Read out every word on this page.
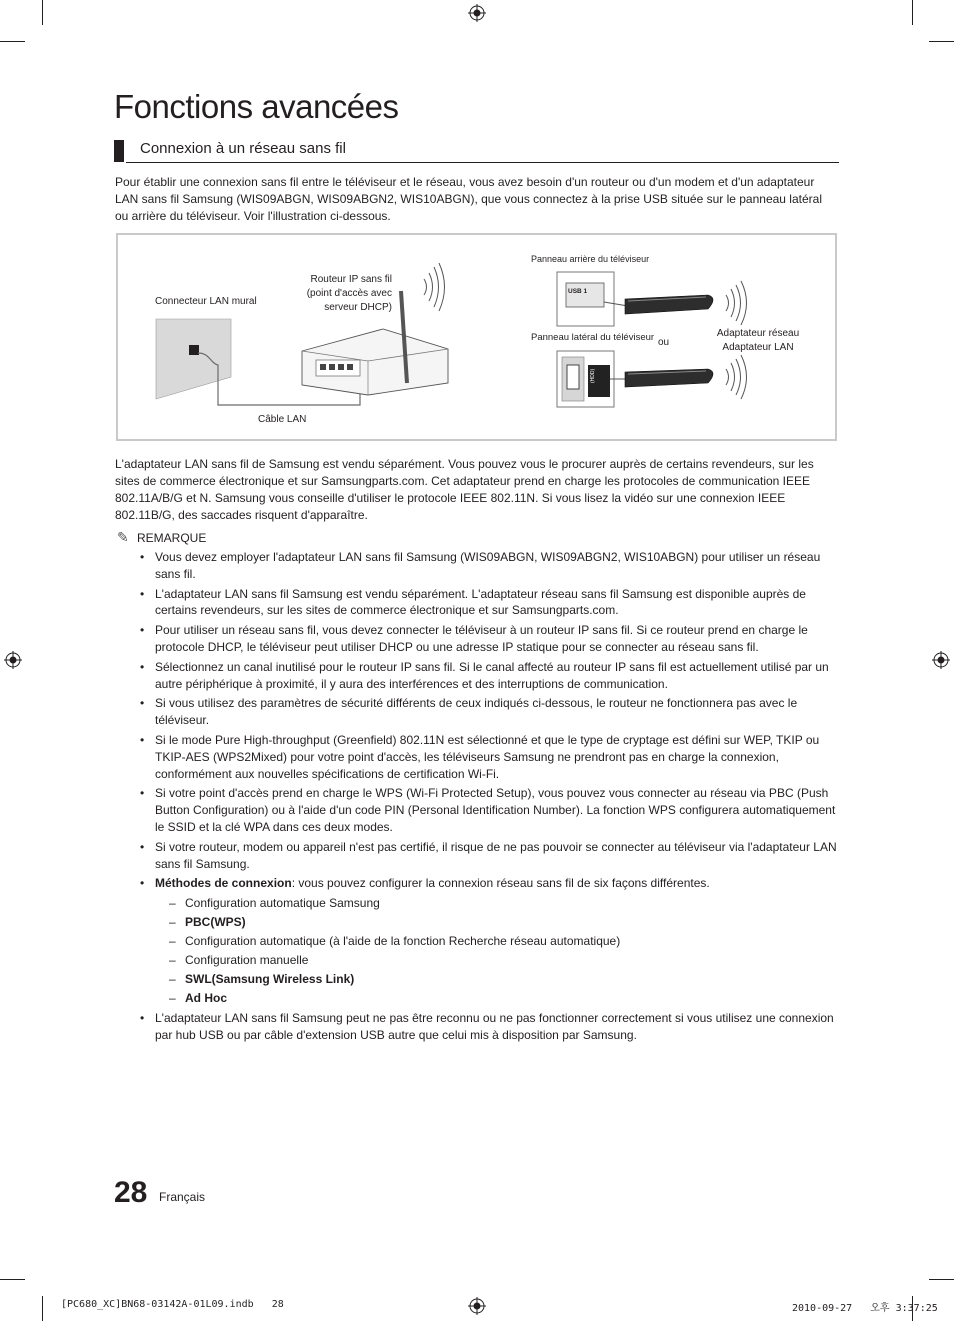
Fonctions avancées
Connexion à un réseau sans fil
Pour établir une connexion sans fil entre le téléviseur et le réseau, vous avez besoin d'un routeur ou d'un modem et d'un adaptateur LAN sans fil Samsung (WIS09ABGN, WIS09ABGN2, WIS10ABGN), que vous connectez à la prise USB située sur le panneau latéral ou arrière du téléviseur. Voir l'illustration ci-dessous.
Connecteur LAN mural
Routeur IP sans fil
(point d'accès avec
serveur DHCP)
Câble LAN
Panneau arrière du téléviseur
Panneau latéral du téléviseur ou
Adaptateur réseau
Adaptateur LAN
USB 1
(HDD)
L'adaptateur LAN sans fil de Samsung est vendu séparément. Vous pouvez vous le procurer auprès de certains revendeurs, sur les sites de commerce électronique et sur Samsungparts.com. Cet adaptateur prend en charge les protocoles de communication IEEE 802.11A/B/G et N. Samsung vous conseille d'utiliser le protocole IEEE 802.11N. Si vous lisez la vidéo sur une connexion IEEE 802.11B/G, des saccades risquent d'apparaître.
✎ REMARQUE
• Vous devez employer l'adaptateur LAN sans fil Samsung (WIS09ABGN, WIS09ABGN2, WIS10ABGN) pour utiliser un réseau sans fil.
• L'adaptateur LAN sans fil Samsung est vendu séparément. L'adaptateur réseau sans fil Samsung est disponible auprès de certains revendeurs, sur les sites de commerce électronique et sur Samsungparts.com.
• Pour utiliser un réseau sans fil, vous devez connecter le téléviseur à un routeur IP sans fil. Si ce routeur prend en charge le protocole DHCP, le téléviseur peut utiliser DHCP ou une adresse IP statique pour se connecter au réseau sans fil.
• Sélectionnez un canal inutilisé pour le routeur IP sans fil. Si le canal affecté au routeur IP sans fil est actuellement utilisé par un autre périphérique à proximité, il y aura des interférences et des interruptions de communication.
• Si vous utilisez des paramètres de sécurité différents de ceux indiqués ci-dessous, le routeur ne fonctionnera pas avec le téléviseur.
• Si le mode Pure High-throughput (Greenfield) 802.11N est sélectionné et que le type de cryptage est défini sur WEP, TKIP ou TKIP-AES (WPS2Mixed) pour votre point d'accès, les téléviseurs Samsung ne prendront pas en charge la connexion, conformément aux nouvelles spécifications de certification Wi-Fi.
• Si votre point d'accès prend en charge le WPS (Wi-Fi Protected Setup), vous pouvez vous connecter au réseau via PBC (Push Button Configuration) ou à l'aide d'un code PIN (Personal Identification Number). La fonction WPS configurera automatiquement le SSID et la clé WPA dans ces deux modes.
• Si votre routeur, modem ou appareil n'est pas certifié, il risque de ne pas pouvoir se connecter au téléviseur via l'adaptateur LAN sans fil Samsung.
• Méthodes de connexion: vous pouvez configurer la connexion réseau sans fil de six façons différentes.
– Configuration automatique Samsung
– PBC(WPS)
– Configuration automatique (à l'aide de la fonction Recherche réseau automatique)
– Configuration manuelle
– SWL(Samsung Wireless Link)
– Ad Hoc
• L'adaptateur LAN sans fil Samsung peut ne pas être reconnu ou ne pas fonctionner correctement si vous utilisez une connexion par hub USB ou par câble d'extension USB autre que celui mis à disposition par Samsung.
28 Français
[PC680_XC]BN68-03142A-01L09.indb   28	2010-09-27   오후 3:37:25
